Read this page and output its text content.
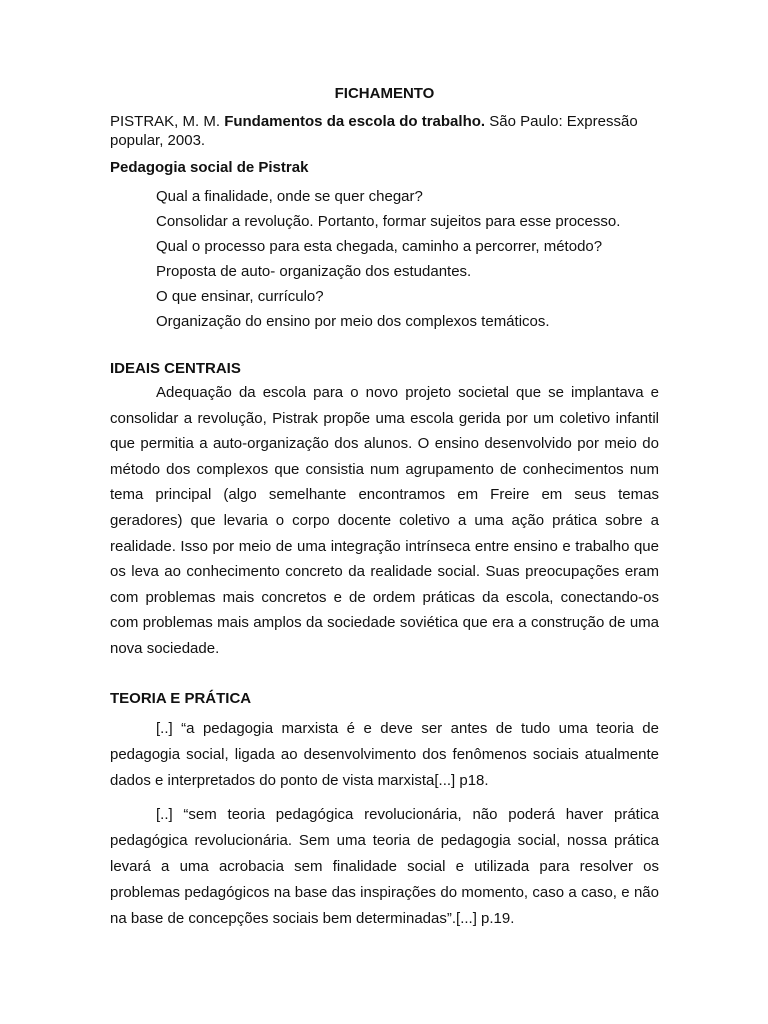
FICHAMENTO
PISTRAK, M. M. Fundamentos da escola do trabalho. São Paulo: Expressão popular, 2003.
Pedagogia social de Pistrak

Qual a finalidade, onde se quer chegar?

Consolidar a revolução. Portanto, formar sujeitos para esse processo.

Qual o processo para esta chegada, caminho a percorrer, método?

Proposta de auto- organização dos estudantes.

O que ensinar, currículo?

Organização do ensino por meio dos complexos temáticos.

IDEAIS CENTRAIS

Adequação da escola para o novo projeto societal que se implantava e consolidar a revolução, Pistrak propõe uma escola gerida por um coletivo infantil que permitia a auto-organização dos alunos. O ensino desenvolvido por meio do método dos complexos que consistia num agrupamento de conhecimentos num tema principal (algo semelhante encontramos em Freire em seus temas geradores) que levaria o corpo docente coletivo a uma ação prática sobre a realidade. Isso por meio de uma integração intrínseca entre ensino e trabalho que os leva ao conhecimento concreto da realidade social. Suas preocupações eram com problemas mais concretos e de ordem práticas da escola, conectando-os com problemas mais amplos da sociedade soviética que era a construção de uma nova sociedade.

TEORIA E PRÁTICA

[..] “a pedagogia marxista é e deve ser antes de tudo uma teoria de pedagogia social, ligada ao desenvolvimento dos fenômenos sociais atualmente dados e interpretados do ponto de vista marxista[...] p18.

[..] “sem teoria pedagógica revolucionária, não poderá haver prática pedagógica revolucionária. Sem uma teoria de pedagogia social, nossa prática levará a uma acrobacia sem finalidade social e utilizada para resolver os problemas pedagógicos na base das inspirações do momento, caso a caso, e não na base de concepções sociais bem determinadas”.[...] p.19.
